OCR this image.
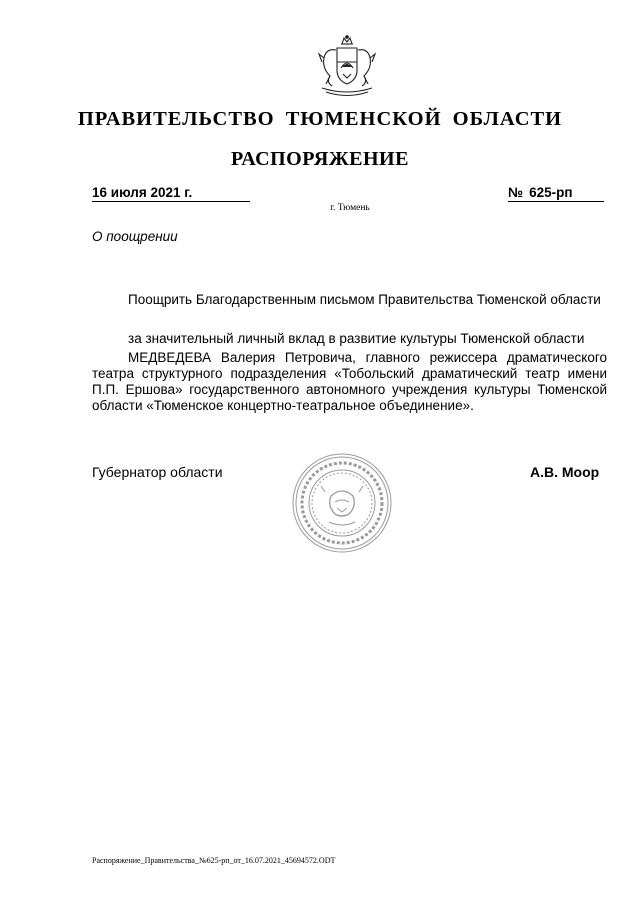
ПРАВИТЕЛЬСТВО ТЮМЕНСКОЙ ОБЛАСТИ
РАСПОРЯЖЕНИЕ
16 июля 2021 г.	№ 625-рп
г. Тюмень
О поощрении
Поощрить Благодарственным письмом Правительства Тюменской области
за значительный личный вклад в развитие культуры Тюменской области
МЕДВЕДЕВА Валерия Петровича, главного режиссера драматического театра структурного подразделения «Тобольский драматический театр имени П.П. Ершова» государственного автономного учреждения культуры Тюменской области «Тюменское концертно-театральное объединение».
Губернатор области	А.В. Моор
Распоряжение_Правительства_№625-рп_от_16.07.2021_45694572.ODT
